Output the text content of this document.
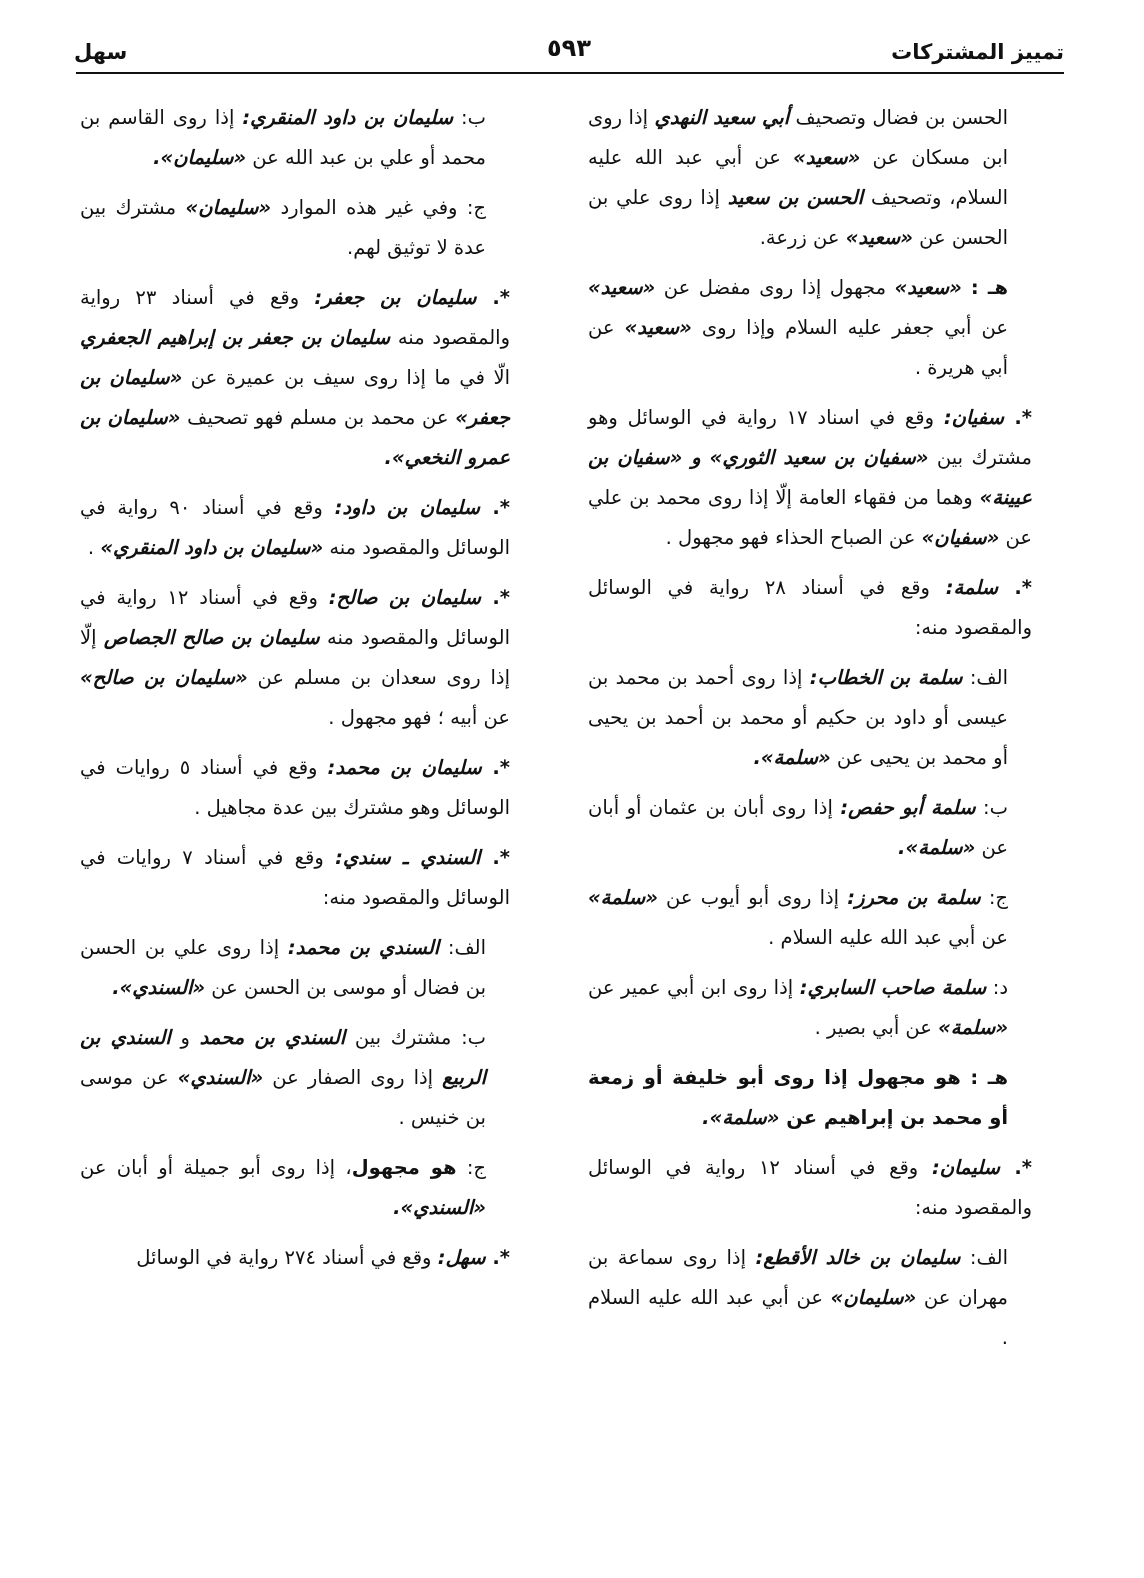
تمييز المشتركات
٥٩٣
سهل

الحسن بن فضال وتصحيف أبي سعيد النهدي إذا روى ابن مسكان عن «سعيد» عن أبي عبد الله عليه السلام، وتصحيف الحسن بن سعيد إذا روى علي بن الحسن عن «سعيد» عن زرعة.

هـ : «سعيد» مجهول إذا روى مفضل عن «سعيد» عن أبي جعفر عليه السلام وإذا روى «سعيد» عن أبي هريرة .

*. سفيان: وقع في اسناد ١٧ رواية في الوسائل وهو مشترك بين «سفيان بن سعيد الثوري» و «سفيان بن عيينة» وهما من فقهاء العامة إلّا إذا روى محمد بن علي عن «سفيان» عن الصباح الحذاء فهو مجهول .

*. سلمة: وقع في أسناد ٢٨ رواية في الوسائل والمقصود منه:

الف: سلمة بن الخطاب: إذا روى أحمد بن محمد بن عيسى أو داود بن حكيم أو محمد بن أحمد بن يحيى أو محمد بن يحيى عن «سلمة».

ب: سلمة أبو حفص: إذا روى أبان بن عثمان أو أبان عن «سلمة».

ج: سلمة بن محرز: إذا روى أبو أيوب عن «سلمة» عن أبي عبد الله عليه السلام .

د: سلمة صاحب السابري: إذا روى ابن أبي عمير عن «سلمة» عن أبي بصير .

هـ : هو مجهول إذا روى أبو خليفة أو زمعة أو محمد بن إبراهيم عن «سلمة».

*. سليمان: وقع في أسناد ١٢ رواية في الوسائل والمقصود منه:

الف: سليمان بن خالد الأقطع: إذا روى سماعة بن مهران عن «سليمان» عن أبي عبد الله عليه السلام .

ب: سليمان بن داود المنقري: إذا روى القاسم بن محمد أو علي بن عبد الله عن «سليمان».

ج: وفي غير هذه الموارد «سليمان» مشترك بين عدة لا توثيق لهم.

*. سليمان بن جعفر: وقع في أسناد ٢٣ رواية والمقصود منه سليمان بن جعفر بن إبراهيم الجعفري الّا في ما إذا روى سيف بن عميرة عن «سليمان بن جعفر» عن محمد بن مسلم فهو تصحيف «سليمان بن عمرو النخعي».

*. سليمان بن داود: وقع في أسناد ٩٠ رواية في الوسائل والمقصود منه «سليمان بن داود المنقري» .

*. سليمان بن صالح: وقع في أسناد ١٢ رواية في الوسائل والمقصود منه سليمان بن صالح الجصاص إلّا إذا روى سعدان بن مسلم عن «سليمان بن صالح» عن أبيه ؛ فهو مجهول .

*. سليمان بن محمد: وقع في أسناد ٥ روايات في الوسائل وهو مشترك بين عدة مجاهيل .

*. السندي ـ سندي: وقع في أسناد ٧ روايات في الوسائل والمقصود منه:

الف: السندي بن محمد: إذا روى علي بن الحسن بن فضال أو موسى بن الحسن عن «السندي».

ب: مشترك بين السندي بن محمد و السندي بن الربيع إذا روى الصفار عن «السندي» عن موسى بن خنيس .

ج: هو مجهول، إذا روى أبو جميلة أو أبان عن «السندي».

*. سهل: وقع في أسناد ٢٧٤ رواية في الوسائل
